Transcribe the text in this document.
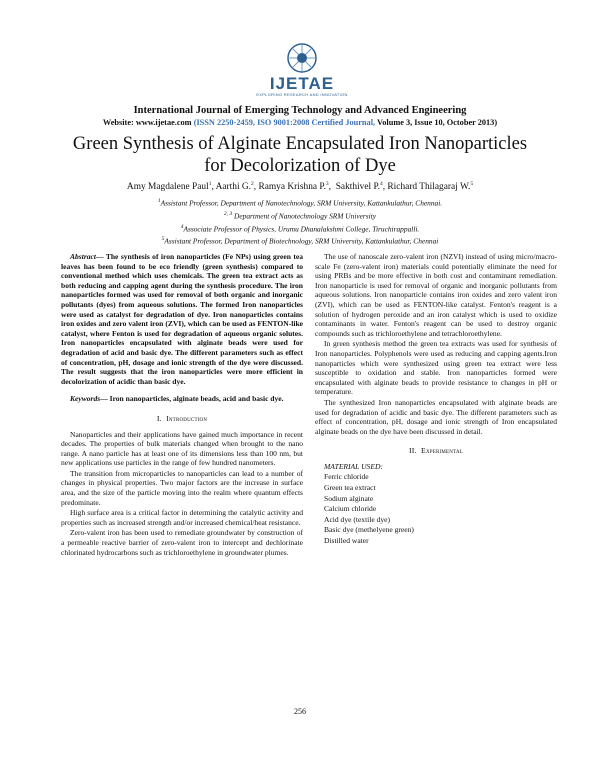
IJETAE
EXPLORING RESEARCH AND INNOVATION
International Journal of Emerging Technology and Advanced Engineering
Website: www.ijetae.com (ISSN 2250-2459, ISO 9001:2008 Certified Journal, Volume 3, Issue 10, October 2013)
Green Synthesis of Alginate Encapsulated Iron Nanoparticles
for Decolorization of Dye
Amy Magdalene Paul$^1$, Aarthi G.$^2$, Ramya Krishna P.$^3$,  Sakthivel P.$^4$, Richard Thilagaraj W.$^5$
$^1$Assistant Professor, Department of Nanotechnology, SRM University, Kattankulathur, Chennai.
$^{2, 3}$ Department of Nanotechnology SRM University
$^4$Associate Professor of Physics, Urumu Dhanalakshmi College, Tiruchirappalli.
$^5$Assistant Professor, Department of Biotechnology, SRM University, Kattankulathur, Chennai

Abstract— The synthesis of iron nanoparticles (Fe NPs) using green tea leaves has been found to be eco friendly (green synthesis) compared to conventional method which uses chemicals. The green tea extract acts as both reducing and capping agent during the synthesis procedure. The iron nanoparticles formed was used for removal of both organic and inorganic pollutants (dyes) from aqueous solutions. The formed Iron nanoparticles were used as catalyst for degradation of dye. Iron nanoparticles contains iron oxides and zero valent iron (ZVI), which can be used as FENTON-like catalyst, where Fenton is used for degradation of aqueous organic solutes. Iron nanoparticles encapsulated with alginate beads were used for degradation of acid and basic dye. The different parameters such as effect of concentration, pH, dosage and ionic strength of the dye were discussed. The result suggests that the iron nanoparticles were more efficient in decolorization of acidic than basic dye.

Keywords— Iron nanoparticles, alginate beads, acid and basic dye.

I. Introduction

Nanoparticles and their applications have gained much importance in recent decades. The properties of bulk materials changed when brought to the nano range. A nano particle has at least one of its dimensions less than 100 nm, but new applications use particles in the range of few hundred nanometers.

The transition from microparticles to nanoparticles can lead to a number of changes in physical properties. Two major factors are the increase in surface area, and the size of the particle moving into the realm where quantum effects predominate.

High surface area is a critical factor in determining the catalytic activity and properties such as increased strength and/or increased chemical/heat resistance.

Zero-valent iron has been used to remediate groundwater by construction of a permeable reactive barrier of zero-valent iron to intercept and dechlorinate chlorinated hydrocarbons such as trichloroethylene in groundwater plumes.

The use of nanoscale zero-valent iron (NZVI) instead of using micro/macro-scale Fe (zero-valent iron) materials could potentially eliminate the need for using PRBs and be more effective in both cost and contaminant remediation. Iron nanoparticle is used for removal of organic and inorganic pollutants from aqueous solutions. Iron nanoparticle contains iron oxides and zero valent iron (ZVI), which can be used as FENTON-like catalyst. Fenton's reagent is a solution of hydrogen peroxide and an iron catalyst which is used to oxidize contaminants in water. Fenton's reagent can be used to destroy organic compounds such as trichloroethylene and tetrachloroethylene.

In green synthesis method the green tea extracts was used for synthesis of Iron nanoparticles. Polyphenols were used as reducing and capping agents.Iron nanoparticles which were synthesized using green tea extract were less susceptible to oxidation and stable. Iron nanoparticles formed were encapsulated with alginate beads to provide resistance to changes in pH or temperature.

The synthesized Iron nanoparticles encapsulated with alginate beads are used for degradation of acidic and basic dye. The different parameters such as effect of concentration, pH, dosage and ionic strength of Iron encapsulated alginate beads on the dye have been discussed in detail.

II. Experimental

MATERIAL USED:

Ferric chloride

Green tea extract

Sodium alginate

Calcium chloride

Acid dye (textile dye)

Basic dye (methelyene green)

Distilled water

256
